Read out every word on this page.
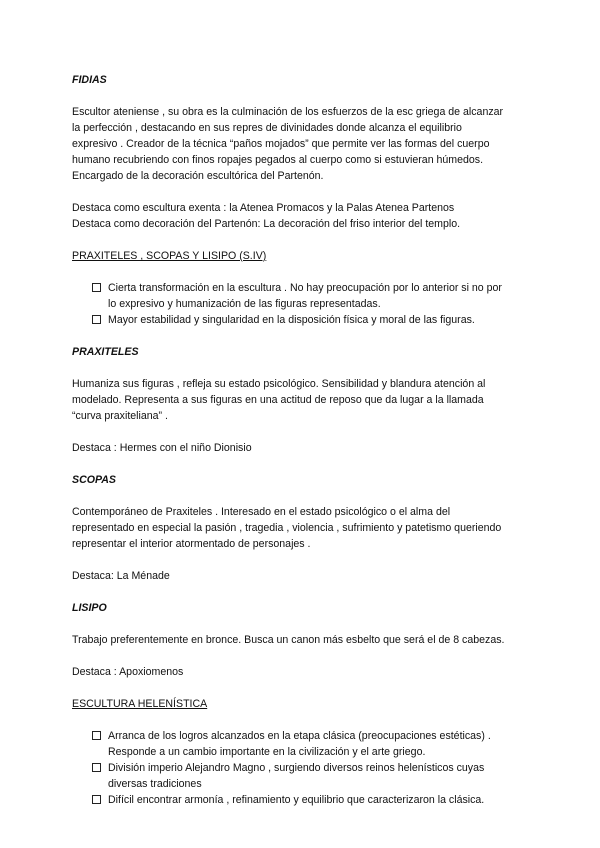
FIDIAS

Escultor ateniense , su obra es la culminación de los esfuerzos de la esc griega de alcanzar
la perfección , destacando en sus repres de divinidades donde alcanza el equilibrio
expresivo . Creador de la técnica “paños mojados” que permite ver las formas del cuerpo
humano recubriendo con finos ropajes pegados al cuerpo como si estuvieran húmedos.
Encargado de la decoración escultórica del Partenón.

Destaca como escultura exenta : la Atenea Promacos y la Palas Atenea Partenos

Destaca como decoración del Partenón: La decoración del friso interior del templo.

PRAXITELES , SCOPAS Y LISIPO (S.IV)

Cierta transformación en la escultura . No hay preocupación por lo anterior si no por
lo expresivo y humanización de las figuras representadas.
Mayor estabilidad y singularidad en la disposición física y moral de las figuras.

PRAXITELES

Humaniza sus figuras , refleja su estado psicológico. Sensibilidad y blandura atención al
modelado. Representa a sus figuras en una actitud de reposo que da lugar a la llamada
“curva praxiteliana” .

Destaca : Hermes con el niño Dionisio

SCOPAS

Contemporáneo de Praxiteles . Interesado en el estado psicológico o el alma del
representado en especial la pasión , tragedia , violencia , sufrimiento y patetismo queriendo
representar el interior atormentado de personajes .

Destaca: La Ménade

LISIPO

Trabajo preferentemente en bronce. Busca un canon más esbelto que será el de 8 cabezas.

Destaca : Apoxiomenos

ESCULTURA HELENÍSTICA

Arranca de los logros alcanzados en la etapa clásica (preocupaciones estéticas) .
Responde a un cambio importante en la civilización y el arte griego.
División imperio Alejandro Magno , surgiendo diversos reinos helenísticos cuyas
diversas tradiciones
Difícil encontrar armonía , refinamiento y equilibrio que caracterizaron la clásica.
